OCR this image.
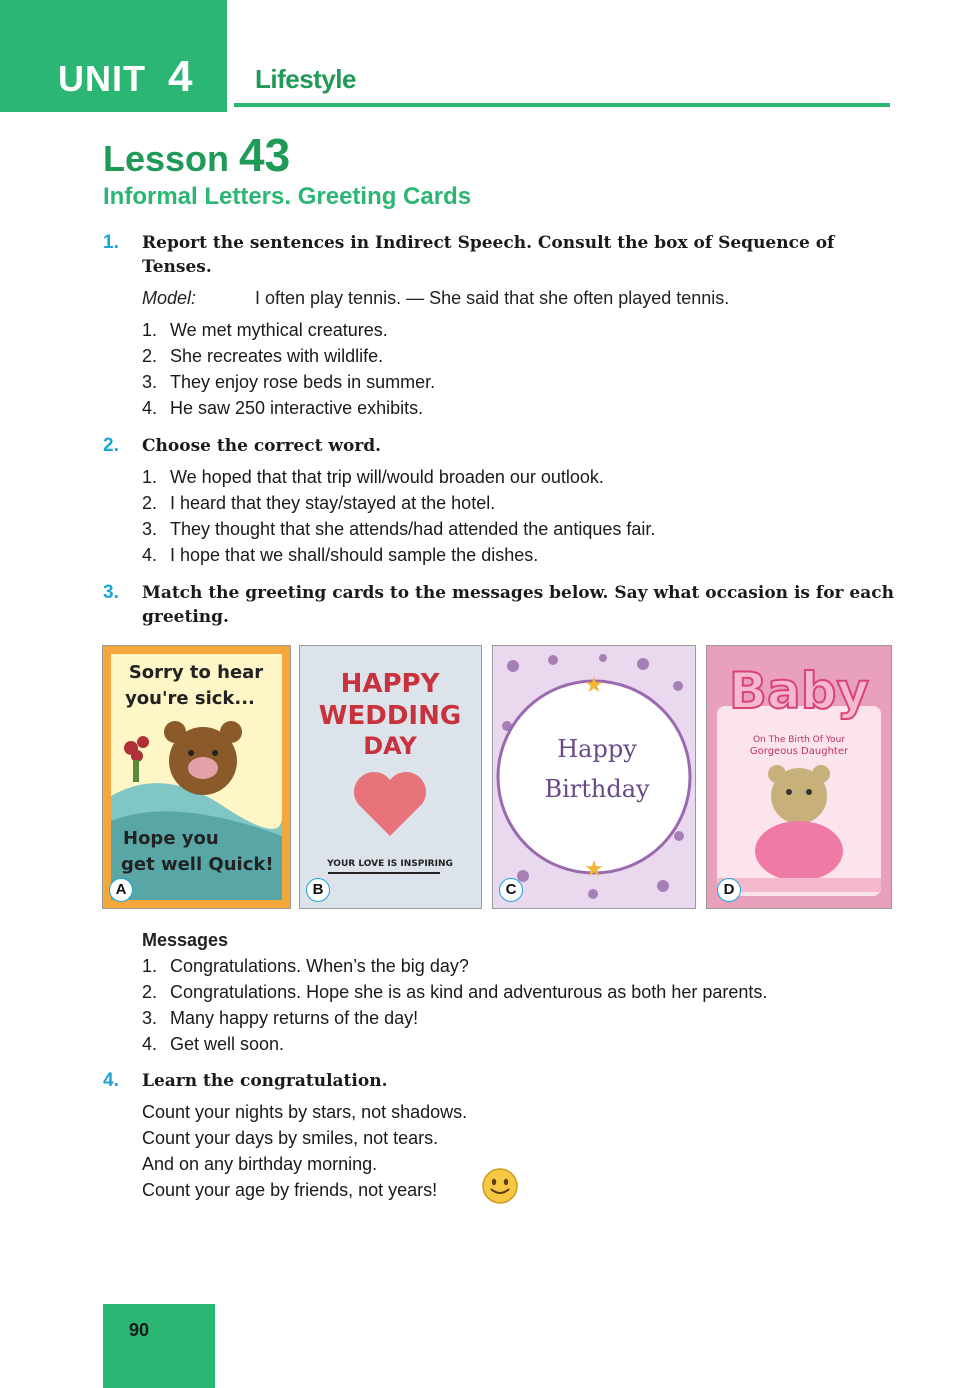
UNIT 4 Lifestyle
Lesson 43
Informal Letters. Greeting Cards
1. Report the sentences in Indirect Speech. Consult the box of Sequence of Tenses.
Model:	I often play tennis. — She said that she often played tennis.
1. We met mythical creatures.
2. She recreates with wildlife.
3. They enjoy rose beds in summer.
4. He saw 250 interactive exhibits.
2. Choose the correct word.
1. We hoped that that trip will/would broaden our outlook.
2. I heard that they stay/stayed at the hotel.
3. They thought that she attends/had attended the antiques fair.
4. I hope that we shall/should sample the dishes.
3. Match the greeting cards to the messages below. Say what occasion is for each greeting.
Sorry to hear
you're sick...
Hope you
get well Quick!
A
HAPPY
WEDDING
DAY
YOUR LOVE IS INSPIRING
B
★
★
Happy
Birthday
C
Baby
On The Birth Of Your
Gorgeous Daughter
D
Messages
1. Congratulations. When’s the big day?
2. Congratulations. Hope she is as kind and adventurous as both her parents.
3. Many happy returns of the day!
4. Get well soon.
4. Learn the congratulation.
Count your nights by stars, not shadows.
Count your days by smiles, not tears.
And on any birthday morning.
Count your age by friends, not years!
90
